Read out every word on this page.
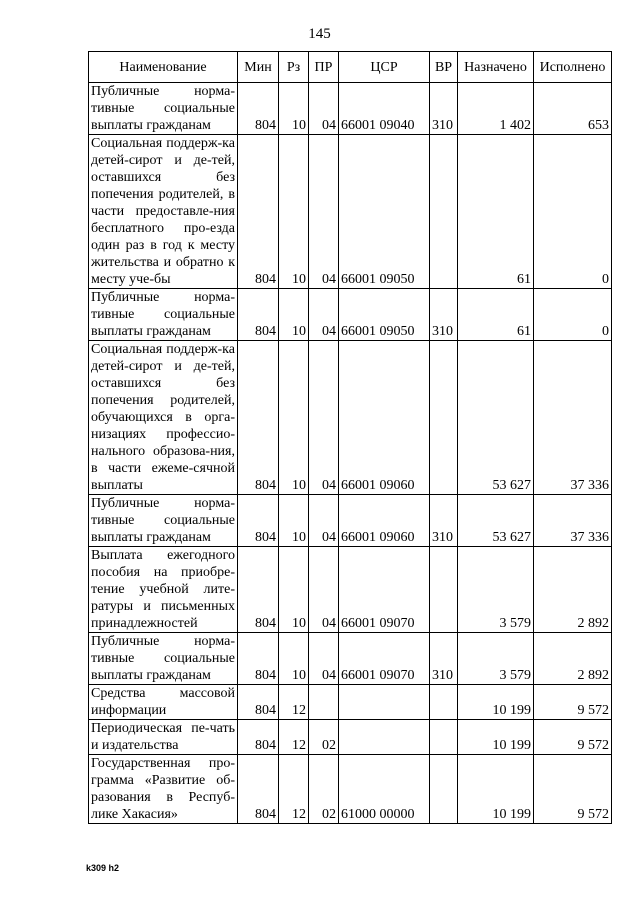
145
Наименование	Мин	Рз	ПР	ЦСР	ВР	Назначено	Исполнено
Публичные норма-тивные социальные выплаты гражданам	804	10	04	66001 09040	310	1 402	653
Социальная поддерж-ка детей-сирот и де-тей, оставшихся без попечения родителей, в части предоставле-ния бесплатного про-езда один раз в год к месту жительства и обратно к месту уче-бы	804	10	04	66001 09050		61	0
Публичные норма-тивные социальные выплаты гражданам	804	10	04	66001 09050	310	61	0
Социальная поддерж-ка детей-сирот и де-тей, оставшихся без попечения родителей, обучающихся в орга-низациях профессио-нального образова-ния, в части ежеме-сячной выплаты	804	10	04	66001 09060		53 627	37 336
Публичные норма-тивные социальные выплаты гражданам	804	10	04	66001 09060	310	53 627	37 336
Выплата ежегодного пособия на приобре-тение учебной лите-ратуры и письменных принадлежностей	804	10	04	66001 09070		3 579	2 892
Публичные норма-тивные социальные выплаты гражданам	804	10	04	66001 09070	310	3 579	2 892
Средства массовой информации	804	12				10 199	9 572
Периодическая пе-чать и издательства	804	12	02			10 199	9 572
Государственная про-грамма «Развитие об-разования в Респуб-лике Хакасия»	804	12	02	61000 00000		10 199	9 572
k309 h2
